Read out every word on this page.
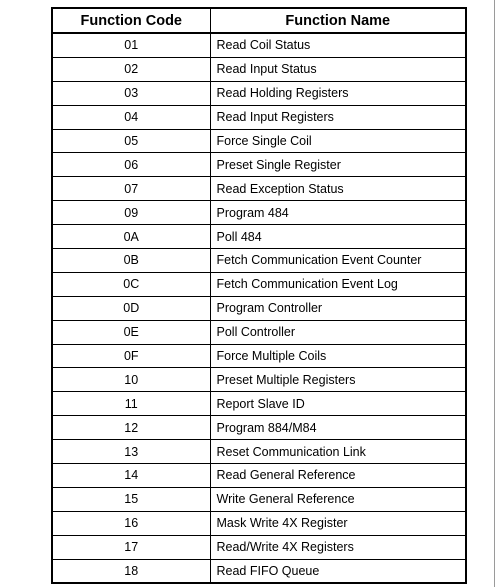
Function Code	Function Name
01	Read Coil Status
02	Read Input Status
03	Read Holding Registers
04	Read Input Registers
05	Force Single Coil
06	Preset Single Register
07	Read Exception Status
09	Program 484
0A	Poll 484
0B	Fetch Communication Event Counter
0C	Fetch Communication Event Log
0D	Program Controller
0E	Poll Controller
0F	Force Multiple Coils
10	Preset Multiple Registers
11	Report Slave ID
12	Program 884/M84
13	Reset Communication Link
14	Read General Reference
15	Write General Reference
16	Mask Write 4X Register
17	Read/Write 4X Registers
18	Read FIFO Queue
